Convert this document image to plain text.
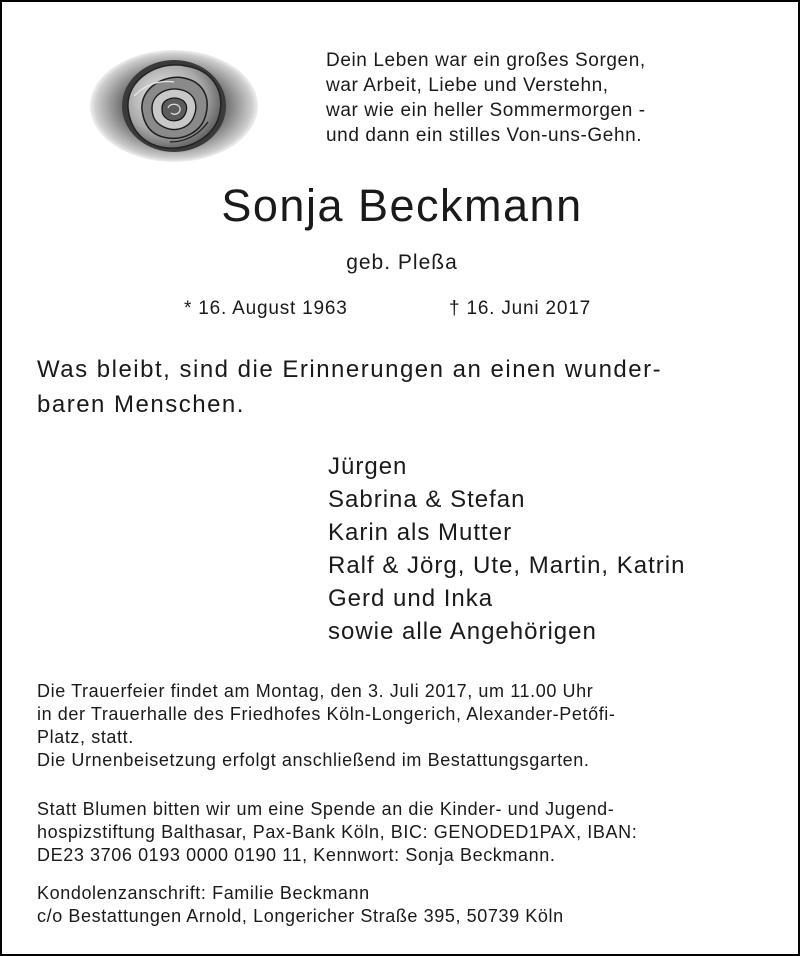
Dein Leben war ein großes Sorgen,
war Arbeit, Liebe und Verstehn,
war wie ein heller Sommermorgen -
und dann ein stilles Von-uns-Gehn.
Sonja Beckmann
geb. Pleßa
* 16. August 1963	† 16. Juni 2017
Was bleibt, sind die Erinnerungen an einen wunder-
baren Menschen.
Jürgen
Sabrina & Stefan
Karin als Mutter
Ralf & Jörg, Ute, Martin, Katrin
Gerd und Inka
sowie alle Angehörigen
Die Trauerfeier findet am Montag, den 3. Juli 2017, um 11.00 Uhr
in der Trauerhalle des Friedhofes Köln-Longerich, Alexander-Petőfi-
Platz, statt.
Die Urnenbeisetzung erfolgt anschließend im Bestattungsgarten.
Statt Blumen bitten wir um eine Spende an die Kinder- und Jugend-
hospizstiftung Balthasar, Pax-Bank Köln, BIC: GENODED1PAX, IBAN:
DE23 3706 0193 0000 0190 11, Kennwort: Sonja Beckmann.
Kondolenzanschrift: Familie Beckmann
c/o Bestattungen Arnold, Longericher Straße 395, 50739 Köln
